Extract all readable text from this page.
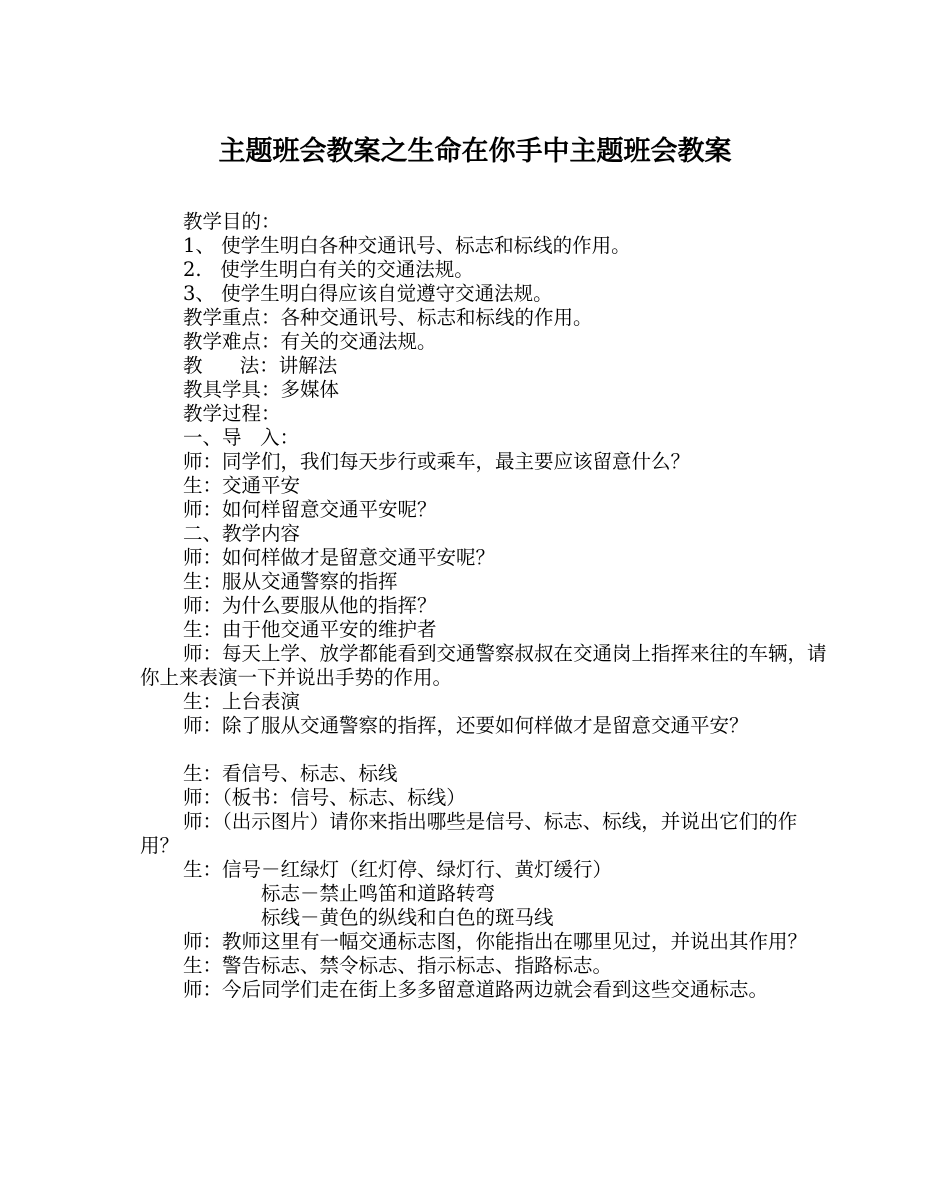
主题班会教案之生命在你手中主题班会教案

教学目的：

1、 使学生明白各种交通讯号、标志和标线的作用。

2.   使学生明白有关的交通法规。

3、 使学生明白得应该自觉遵守交通法规。

教学重点：各种交通讯号、标志和标线的作用。

教学难点：有关的交通法规。

教      法：讲解法

教具学具：多媒体

教学过程：

一、导   入：

师：同学们，我们每天步行或乘车，最主要应该留意什么？

生：交通平安

师：如何样留意交通平安呢？

二、教学内容

师：如何样做才是留意交通平安呢？

生：服从交通警察的指挥

师：为什么要服从他的指挥？

生：由于他交通平安的维护者

师：每天上学、放学都能看到交通警察叔叔在交通岗上指挥来往的车辆，请你上来表演一下并说出手势的作用。

生：上台表演

师：除了服从交通警察的指挥，还要如何样做才是留意交通平安？

生：看信号、标志、标线

师：（板书：信号、标志、标线）

师：（出示图片）请你来指出哪些是信号、标志、标线，并说出它们的作用？

生：信号－红绿灯（红灯停、绿灯行、黄灯缓行）

标志－禁止鸣笛和道路转弯

标线－黄色的纵线和白色的斑马线

师：教师这里有一幅交通标志图，你能指出在哪里见过，并说出其作用？

生：警告标志、禁令标志、指示标志、指路标志。

师：今后同学们走在街上多多留意道路两边就会看到这些交通标志。
